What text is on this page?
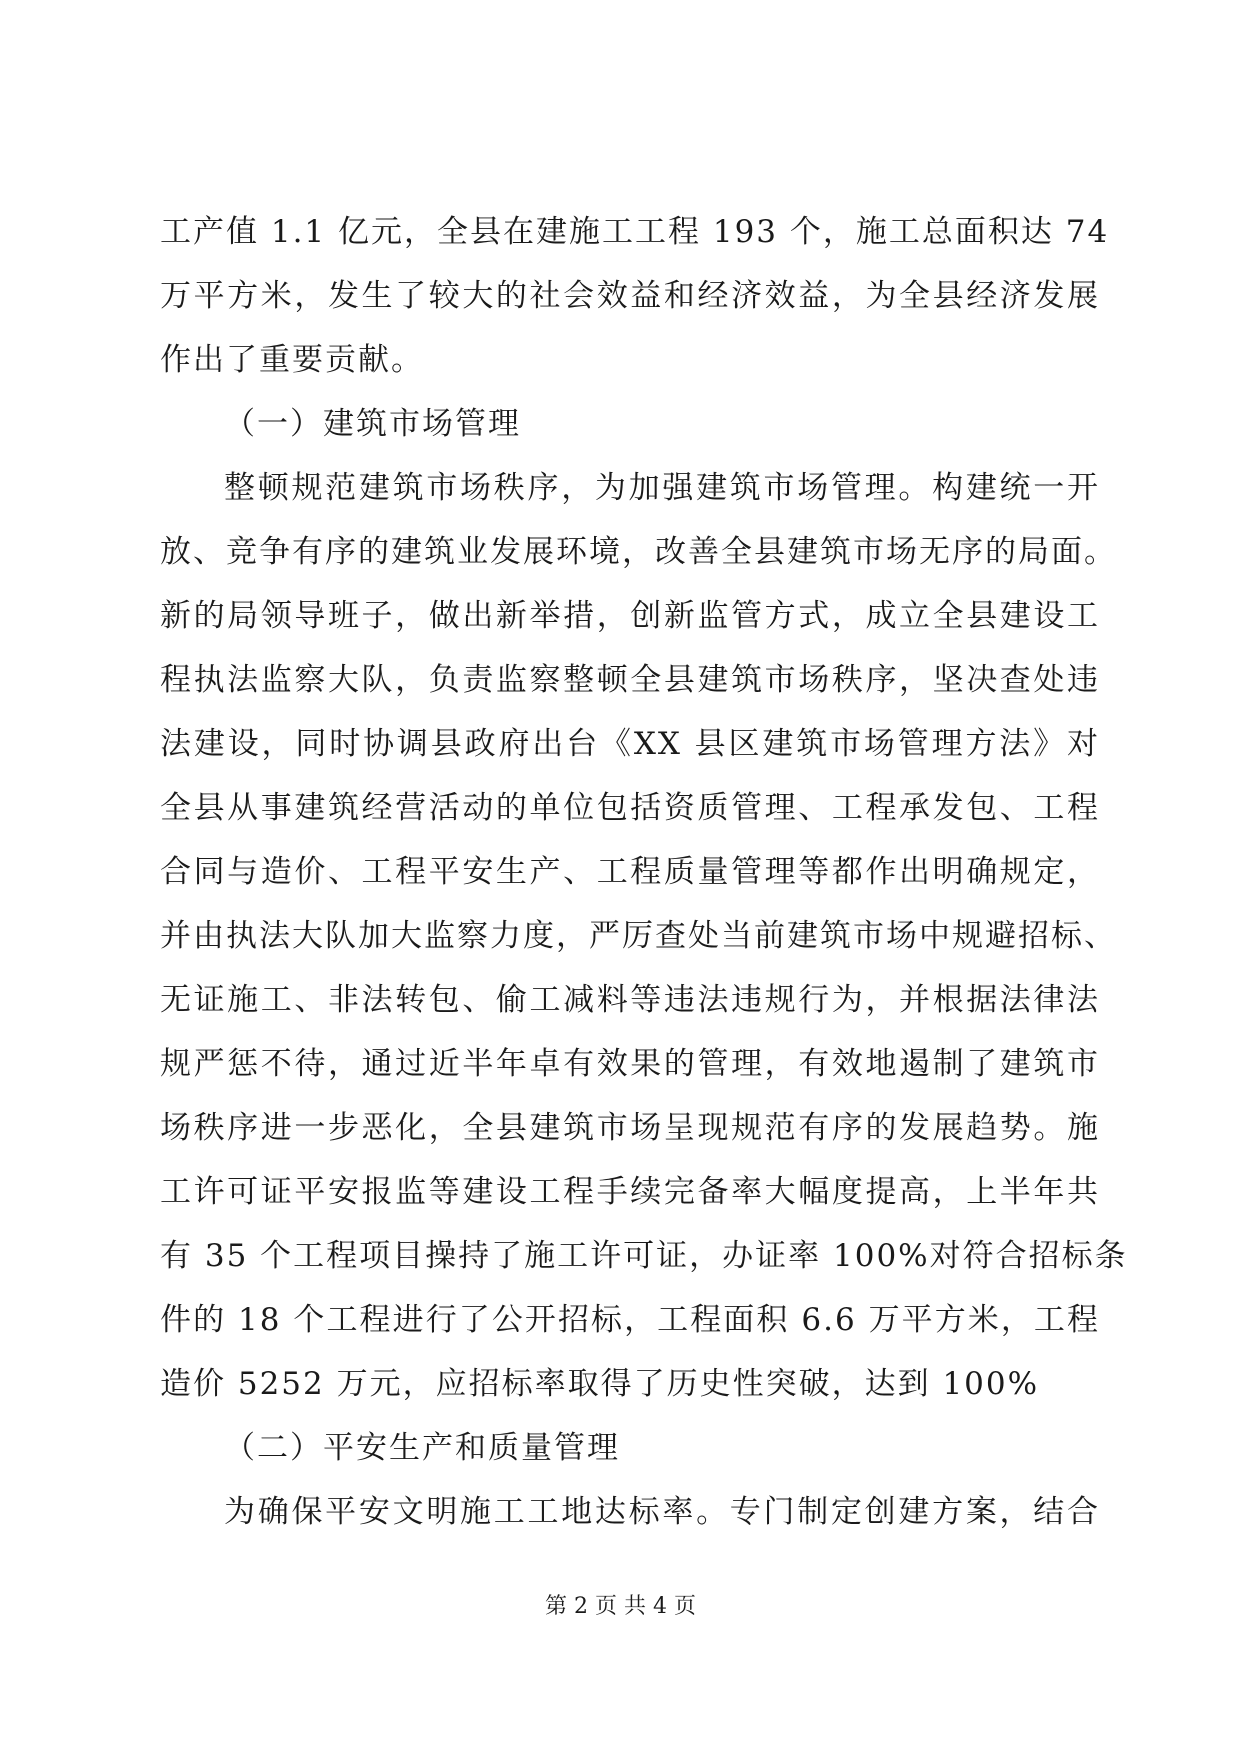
工产值 1.1 亿元，全县在建施工工程 193 个，施工总面积达 74
万平方米，发生了较大的社会效益和经济效益，为全县经济发展
作出了重要贡献。
（一）建筑市场管理
整顿规范建筑市场秩序，为加强建筑市场管理。构建统一开
放、竞争有序的建筑业发展环境，改善全县建筑市场无序的局面。
新的局领导班子，做出新举措，创新监管方式，成立全县建设工
程执法监察大队，负责监察整顿全县建筑市场秩序，坚决查处违
法建设，同时协调县政府出台《XX 县区建筑市场管理方法》对
全县从事建筑经营活动的单位包括资质管理、工程承发包、工程
合同与造价、工程平安生产、工程质量管理等都作出明确规定，
并由执法大队加大监察力度，严厉查处当前建筑市场中规避招标、
无证施工、非法转包、偷工减料等违法违规行为，并根据法律法
规严惩不待，通过近半年卓有效果的管理，有效地遏制了建筑市
场秩序进一步恶化，全县建筑市场呈现规范有序的发展趋势。施
工许可证平安报监等建设工程手续完备率大幅度提高，上半年共
有 35 个工程项目操持了施工许可证，办证率 100%对符合招标条
件的 18 个工程进行了公开招标，工程面积 6.6 万平方米，工程
造价 5252 万元，应招标率取得了历史性突破，达到 100%
（二）平安生产和质量管理
为确保平安文明施工工地达标率。专门制定创建方案，结合
第 2 页 共 4 页
